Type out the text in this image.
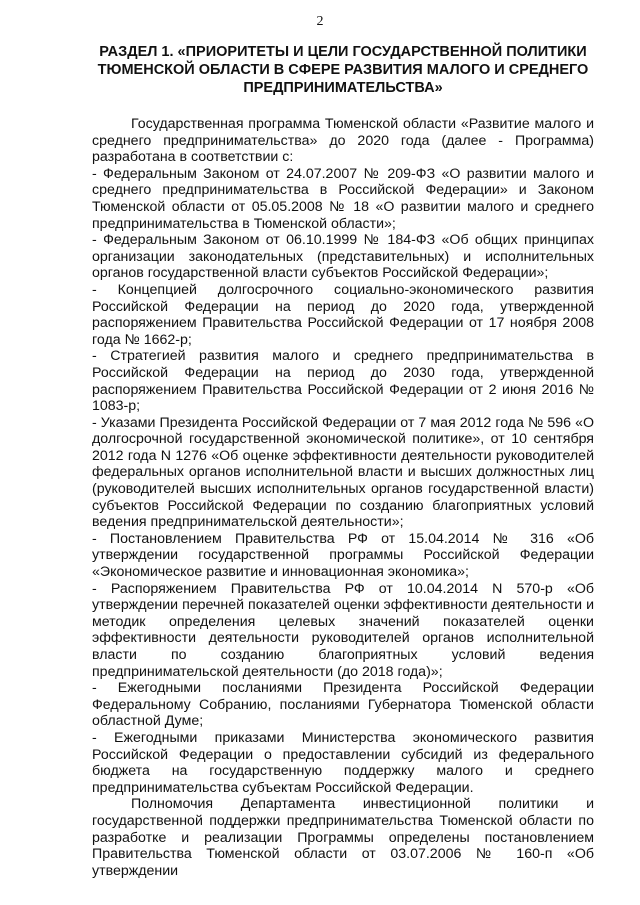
2
РАЗДЕЛ 1. «ПРИОРИТЕТЫ И ЦЕЛИ ГОСУДАРСТВЕННОЙ ПОЛИТИКИ ТЮМЕНСКОЙ ОБЛАСТИ В СФЕРЕ РАЗВИТИЯ МАЛОГО И СРЕДНЕГО ПРЕДПРИНИМАТЕЛЬСТВА»

Государственная программа Тюменской области «Развитие малого и среднего предпринимательства» до 2020 года (далее - Программа) разработана в соответствии с:

- Федеральным Законом от 24.07.2007 № 209-ФЗ «О развитии малого и среднего предпринимательства в Российской Федерации» и Законом Тюменской области от 05.05.2008 № 18 «О развитии малого и среднего предпринимательства в Тюменской области»;

- Федеральным Законом от 06.10.1999 № 184-ФЗ «Об общих принципах организации законодательных (представительных) и исполнительных органов государственной власти субъектов Российской Федерации»;

- Концепцией долгосрочного социально-экономического развития Российской Федерации на период до 2020 года, утвержденной распоряжением Правительства Российской Федерации от 17 ноября 2008 года № 1662-р;

- Стратегией развития малого и среднего предпринимательства в Российской Федерации на период до 2030 года, утвержденной распоряжением Правительства Российской Федерации от 2 июня 2016 № 1083-р;

- Указами Президента Российской Федерации от 7 мая 2012 года № 596 «О долгосрочной государственной экономической политике», от 10 сентября 2012 года N 1276 «Об оценке эффективности деятельности руководителей федеральных органов исполнительной власти и высших должностных лиц (руководителей высших исполнительных органов государственной власти) субъектов Российской Федерации по созданию благоприятных условий ведения предпринимательской деятельности»;

- Постановлением Правительства РФ от 15.04.2014 № 316 «Об утверждении государственной программы Российской Федерации «Экономическое развитие и инновационная экономика»;

- Распоряжением Правительства РФ от 10.04.2014 N 570-р «Об утверждении перечней показателей оценки эффективности деятельности и методик определения целевых значений показателей оценки эффективности деятельности руководителей органов исполнительной власти по созданию благоприятных условий ведения предпринимательской деятельности (до 2018 года)»;

- Ежегодными посланиями Президента Российской Федерации Федеральному Собранию, посланиями Губернатора Тюменской области областной Думе;

- Ежегодными приказами Министерства экономического развития Российской Федерации о предоставлении субсидий из федерального бюджета на государственную поддержку малого и среднего предпринимательства субъектам Российской Федерации.

Полномочия Департамента инвестиционной политики и государственной поддержки предпринимательства Тюменской области по разработке и реализации Программы определены постановлением Правительства Тюменской области от 03.07.2006 № 160-п «Об утверждении
